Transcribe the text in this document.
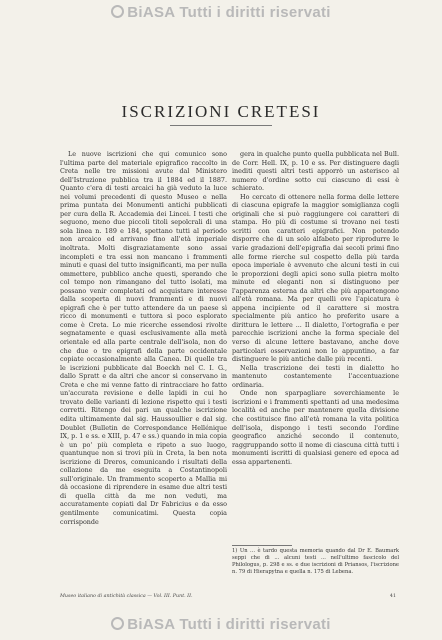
BiASA Tutti i diritti riservati
ISCRIZIONI CRETESI

Le nuove iscrizioni che qui comunico sono l'ultima parte del materiale epigrafico raccolto in Creta nelle tre missioni avute dal Ministero dell'Istruzione pubblica tra il 1884 ed il 1887. Quanto c'era di testi arcaici ha già veduto la luce nei volumi precedenti di questo Museo e nella prima puntata dei Monumenti antichi pubblicati per cura della R. Accademia dei Lincei. I testi che seguono, meno due piccoli titoli sepolcrali di una sola linea n. 189 e 184, spettano tutti al periodo non arcaico ed arrivano fino all'età imperiale inoltrata. Molti disgraziatamente sono assai incompleti e tra essi non mancano i frammenti minuti e quasi del tutto insignificanti, ma per nulla ommettere, pubblico anche questi, sperando che col tempo non rimangano del tutto isolati, ma possano venir completati od acquistare interesse dalla scoperta di nuovi frammenti e di nuovi epigrafi che è per tutto attendere da un paese sì ricco di monumenti e tuttora sì poco esplorato come è Creta. Lo mie ricerche essendosi rivolte segnatamente e quasi esclusivamente alla metà orientale ed alla parte centrale dell'isola, non do che due o tre epigrafi della parte occidentale copiate occasionalmente alla Canea. Di quelle tra le iscrizioni pubblicate dal Boeckh nel C. I. G., dallo Spratt e da altri che ancor si conservano in Creta e che mi venne fatto di rintracciare ho fatto un'accurata revisione e delle lapidi in cui ho trovato delle varianti di lezione rispetto qui i testi corretti. Ritengo dei pari un qualche iscrizione edita ultimamente dal sig. Haussoullier e dal sig. Doublet (Bulletin de Correspondance Hellénique IX, p. 1 e ss. e XIII, p. 47 e ss.) quando in mia copia è un po' più completa e ripeto a suo luogo, quantunque non si trovi più in Creta, la ben nota iscrizione di Dreros, comunicando i risultati della collazione da me eseguita a Costantinopoli sull'originale. Un frammento scoperto a Mallia mi dà occasione di riprendere in esame due altri testi di quella città da me non veduti, ma accuratamente copiati dal Dr Fabricius e da esso gentilmente comunicatimi. Questa copia corrisponde

gera in qualche punto quella pubblicata nel Bull. de Corr. Hell. IX, p. 10 e ss. Per distinguere dagli inediti questi altri testi apporrò un asterisco al numero d'ordine sotto cui ciascuno di essi è schierato.

Ho cercato di ottenere nella forma delle lettere di ciascuna epigrafe la maggior somiglianza cogli originali che si può raggiungere coi caratteri di stampa. Ho più di costume si trovano nei testi scritti con caratteri epigrafici. Non potendo disporre che di un solo alfabeto per riprodurre le varie gradazioni dell'epigrafia dai secoli primi fino alle forme rierche sul cospetto della più tarda epoca imperiale è avvenuto che alcuni testi in cui le proporzioni degli apici sono sulla pietra molto minute ed eleganti non si distinguono per l'apparenza esterna da altri che più appartengono all'età romana. Ma per quelli ove l'apicatura è appena incipiente od il carattere si mostra specialmente più antico ho preferito usare a dirittura le lettere ... Il dialetto, l'ortografia e per parecchie iscrizioni anche la forma speciale del verso di alcune lettere bastavano, anche dove particolari osservazioni non lo appuntino, a far distinguere le più antiche dalle più recenti.

Nella trascrizione dei testi in dialetto ho mantenuto costantemente l'accentuazione ordinaria.

Onde non sparpagliare soverchiamente le iscrizioni e i frammenti spettanti ad una medesima località ed anche per mantenere quella divisione che costituisce fino all'età romana la vita politica dell'isola, dispongo i testi secondo l'ordine geografico anziché secondo il contenuto, raggruppando sotto il nome di ciascuna città tutti i monumenti iscritti di qualsiasi genere ed epoca ad essa appartenenti.

1) Un ... è tardo questa memoria quando dal Dr E. Baumark seppi che di ... alcuni testi ... nell'ultimo fascicolo del Philologus, p. 298 e ss. e due iscrizioni di Priansos, l'iscrizione n. 79 di Hierapytna e quella n. 175 di Lebena.
Museo italiano di antichità classica — Vol. III. Punt. II.	41
BiASA Tutti i diritti riservati
